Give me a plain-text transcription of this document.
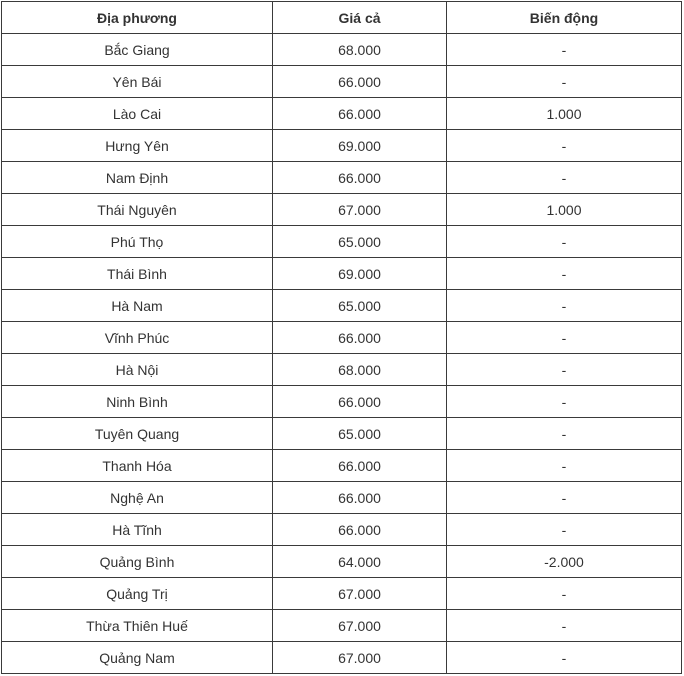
Địa phương	Giá cả	Biến động
Bắc Giang	68.000	-
Yên Bái	66.000	-
Lào Cai	66.000	1.000
Hưng Yên	69.000	-
Nam Định	66.000	-
Thái Nguyên	67.000	1.000
Phú Thọ	65.000	-
Thái Bình	69.000	-
Hà Nam	65.000	-
Vĩnh Phúc	66.000	-
Hà Nội	68.000	-
Ninh Bình	66.000	-
Tuyên Quang	65.000	-
Thanh Hóa	66.000	-
Nghệ An	66.000	-
Hà Tĩnh	66.000	-
Quảng Bình	64.000	-2.000
Quảng Trị	67.000	-
Thừa Thiên Huế	67.000	-
Quảng Nam	67.000	-
